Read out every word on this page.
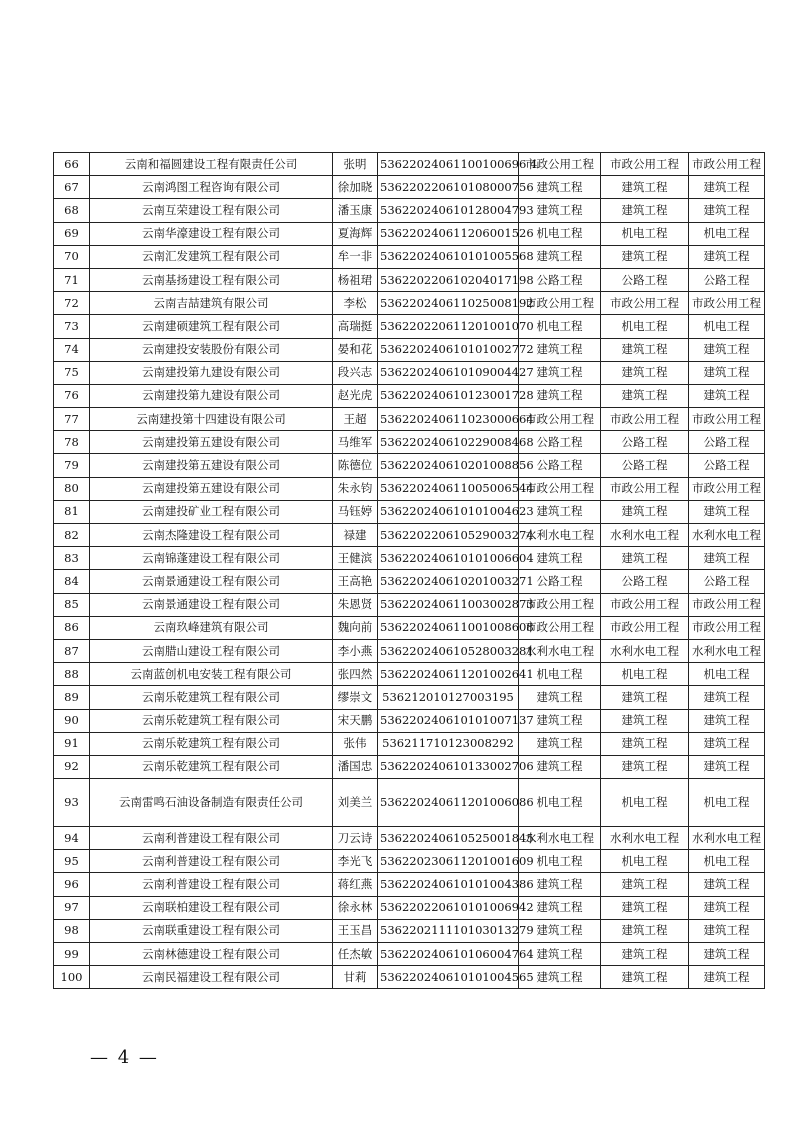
66	云南和福圆建设工程有限责任公司	张明	53622024061100100696 4	市政公用工程	市政公用工程	市政公用工程
67	云南鸿图工程咨询有限公司	徐加晓	536220220610108000756	建筑工程	建筑工程	建筑工程
68	云南互荣建设工程有限公司	潘玉康	536220240610128004793	建筑工程	建筑工程	建筑工程
69	云南华濠建设工程有限公司	夏海辉	536220240611206001526	机电工程	机电工程	机电工程
70	云南汇发建筑工程有限公司	牟一非	536220240610101005568	建筑工程	建筑工程	建筑工程
71	云南基扬建设工程有限公司	杨祖珺	536220220610204017198	公路工程	公路工程	公路工程
72	云南吉喆建筑有限公司	李松	536220240611025008192	市政公用工程	市政公用工程	市政公用工程
73	云南建硕建筑工程有限公司	高瑞挺	536220220611201001070	机电工程	机电工程	机电工程
74	云南建投安装股份有限公司	晏和花	536220240610101002772	建筑工程	建筑工程	建筑工程
75	云南建投第九建设有限公司	段兴志	536220240610109004427	建筑工程	建筑工程	建筑工程
76	云南建投第九建设有限公司	赵光虎	536220240610123001728	建筑工程	建筑工程	建筑工程
77	云南建投第十四建设有限公司	王超	536220240611023000664	市政公用工程	市政公用工程	市政公用工程
78	云南建投第五建设有限公司	马维军	536220240610229008468	公路工程	公路工程	公路工程
79	云南建投第五建设有限公司	陈德位	536220240610201008856	公路工程	公路工程	公路工程
80	云南建投第五建设有限公司	朱永钧	536220240611005006544	市政公用工程	市政公用工程	市政公用工程
81	云南建投矿业工程有限公司	马钰婷	536220240610101004623	建筑工程	建筑工程	建筑工程
82	云南杰隆建设工程有限公司	禄建	536220220610529003274	水利水电工程	水利水电工程	水利水电工程
83	云南锦蓬建设工程有限公司	王健滨	536220240610101006604	建筑工程	建筑工程	建筑工程
84	云南景通建设工程有限公司	王高艳	536220240610201003271	公路工程	公路工程	公路工程
85	云南景通建设工程有限公司	朱恩贤	536220240611003002873	市政公用工程	市政公用工程	市政公用工程
86	云南玖峰建筑有限公司	魏向前	536220240611001008608	市政公用工程	市政公用工程	市政公用工程
87	云南腊山建设工程有限公司	李小燕	536220240610528003281	水利水电工程	水利水电工程	水利水电工程
88	云南蓝创机电安装工程有限公司	张四然	536220240611201002641	机电工程	机电工程	机电工程
89	云南乐乾建筑工程有限公司	缪崇文	536212010127003195	建筑工程	建筑工程	建筑工程
90	云南乐乾建筑工程有限公司	宋天鹏	536220240610101007137	建筑工程	建筑工程	建筑工程
91	云南乐乾建筑工程有限公司	张伟	536211710123008292	建筑工程	建筑工程	建筑工程
92	云南乐乾建筑工程有限公司	潘国忠	536220240610133002706	建筑工程	建筑工程	建筑工程
93	云南雷鸣石油设备制造有限责任公司	刘美兰	536220240611201006086	机电工程	机电工程	机电工程
94	云南利普建设工程有限公司	刀云诗	536220240610525001845	水利水电工程	水利水电工程	水利水电工程
95	云南利普建设工程有限公司	李光飞	536220230611201001609	机电工程	机电工程	机电工程
96	云南利普建设工程有限公司	蒋红燕	536220240610101004386	建筑工程	建筑工程	建筑工程
97	云南联柏建设工程有限公司	徐永林	536220220610101006942	建筑工程	建筑工程	建筑工程
98	云南联重建设工程有限公司	王玉昌	536220211110103013279	建筑工程	建筑工程	建筑工程
99	云南林德建设工程有限公司	任杰敏	536220240610106004764	建筑工程	建筑工程	建筑工程
100	云南民福建设工程有限公司	甘莉	536220240610101004565	建筑工程	建筑工程	建筑工程
— 4 —
